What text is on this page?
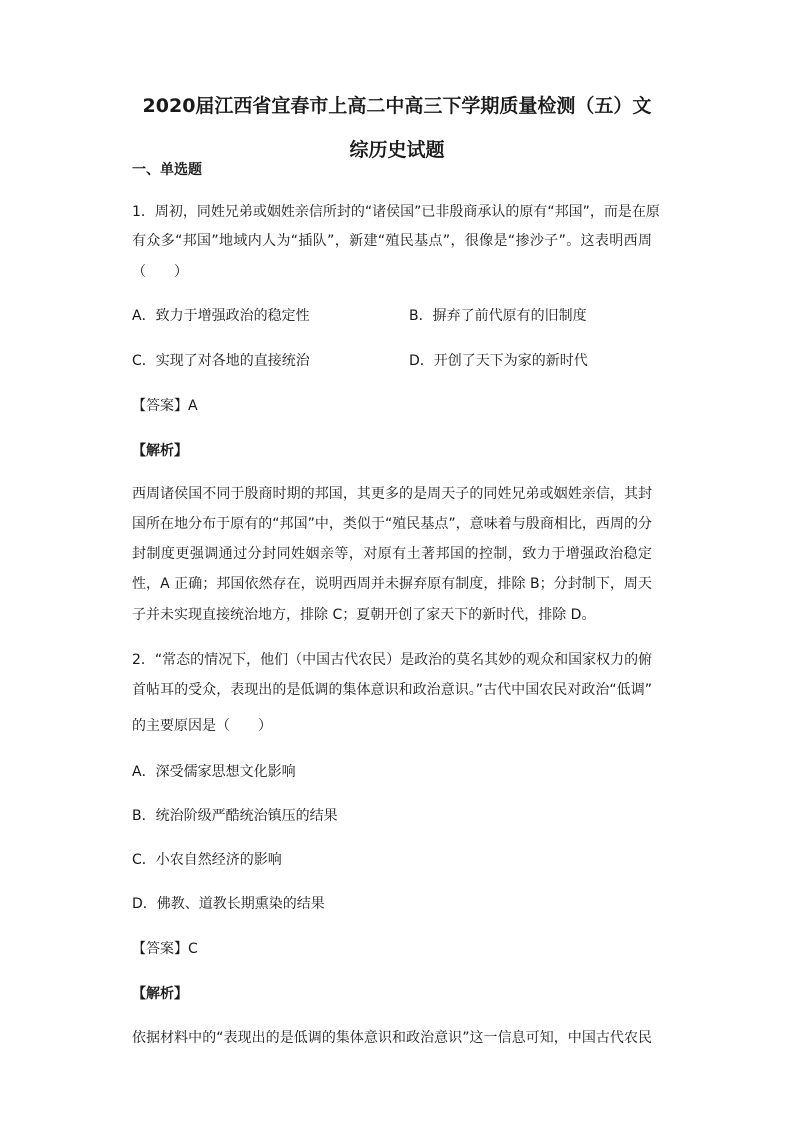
2020届江西省宜春市上高二中高三下学期质量检测（五）文
综历史试题
一、单选题
1．周初，同姓兄弟或姻姓亲信所封的“诸侯国”已非殷商承认的原有“邦国”，而是在原
有众多“邦国”地域内人为“插队”，新建“殖民基点”，很像是“掺沙子”。这表明西周
（　　）
A．致力于增强政治的稳定性	B．摒弃了前代原有的旧制度
C．实现了对各地的直接统治	D．开创了天下为家的新时代
【答案】A
【解析】
西周诸侯国不同于殷商时期的邦国，其更多的是周天子的同姓兄弟或姻姓亲信，其封
国所在地分布于原有的“邦国”中，类似于“殖民基点”，意味着与殷商相比，西周的分
封制度更强调通过分封同姓姻亲等，对原有土著邦国的控制，致力于增强政治稳定
性，A 正确；邦国依然存在，说明西周并未摒弃原有制度，排除 B；分封制下，周天
子并未实现直接统治地方，排除 C；夏朝开创了家天下的新时代，排除 D。
2．“常态的情况下，他们（中国古代农民）是政治的莫名其妙的观众和国家权力的俯
首帖耳的受众，表现出的是低调的集体意识和政治意识。”古代中国农民对政治“低调”
的主要原因是（　　）
A．深受儒家思想文化影响
B．统治阶级严酷统治镇压的结果
C．小农自然经济的影响
D．佛教、道教长期熏染的结果
【答案】C
【解析】
依据材料中的“表现出的是低调的集体意识和政治意识”这一信息可知，中国古代农民
